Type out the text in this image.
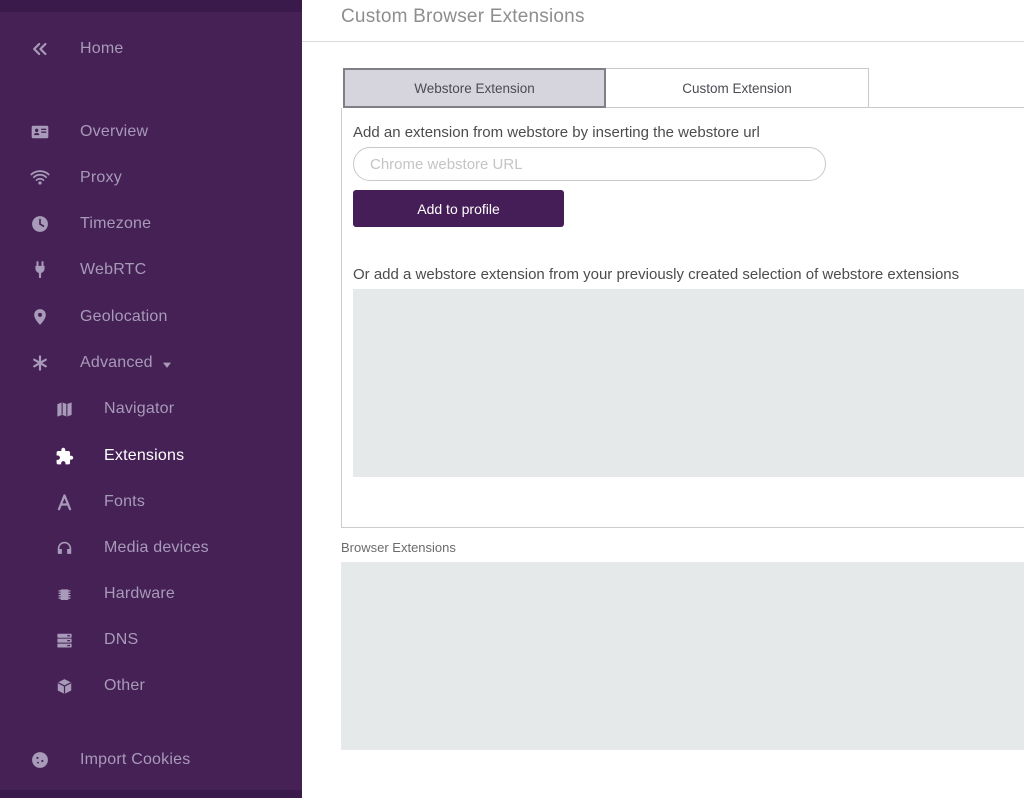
Home
Overview
Proxy
Timezone
WebRTC
Geolocation
Advanced
Navigator
Extensions
Fonts
Media devices
Hardware
DNS
Other
Import Cookies
Custom Browser Extensions
Webstore Extension	Custom Extension
Add an extension from webstore by inserting the webstore url
Chrome webstore URL
Add to profile
Or add a webstore extension from your previously created selection of webstore extensions
Browser Extensions
